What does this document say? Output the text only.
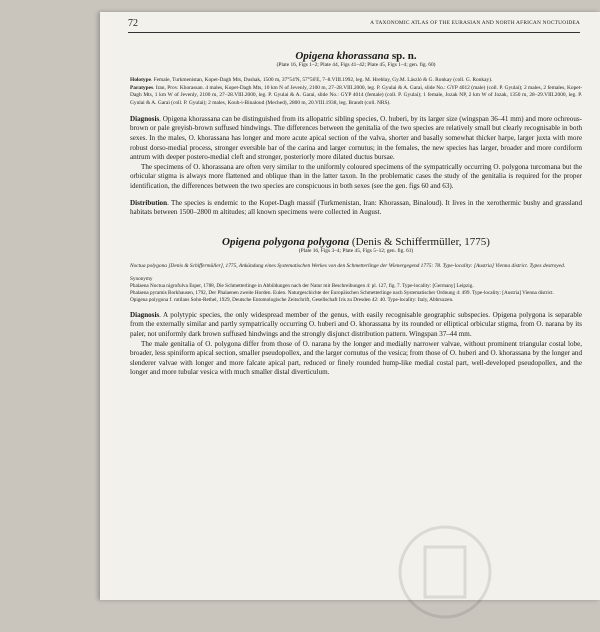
72	A TAXONOMIC ATLAS OF THE EURASIAN AND NORTH AFRICAN NOCTUOIDEA
Opigena khorassana sp. n.
(Plate 16, Figs 1–2; Plate 44, Figs 41–42; Plate 45, Figs 1–4; gen. fig. 60)
Holotype. Female, Turkmenistan, Kopet-Dagh Mts, Dushak, 1500 m, 37°54'N, 57°56'E, 7–8.VIII.1992, leg. M. Hreblay, Gy.M. László & G. Ronkay (coll. G. Ronkay).
Paratypes. Iran, Prov. Khorassan. 4 males, Kopet-Dagh Mts, 10 km N of Jevenly, 2100 m, 27–28.VIII.2000, leg. P. Gyulai & A. Garai, slide No.: GYP 4012 (male) (coll. P. Gyulai); 2 males, 2 females, Kopet-Dagh Mts, 1 km W of Jevenly, 2100 m, 27–28.VIII.2000, leg. P. Gyulai & A. Garai, slide No.: GYP 4014 (female) (coll. P. Gyulai); 1 female, Jozak NP, 2 km W of Jozak, 1350 m, 28–29.VIII.2000, leg. P. Gyulai & A. Garai (coll. P. Gyulai); 2 males, Kouh-i-Binaloud (Meched), 2800 m, 20.VIII.1938, leg. Brandt (coll. NRS).
Diagnosis. Opigena khorassana can be distinguished from its allopatric sibling species, O. huberi, by its larger size (wingspan 36–41 mm) and more ochreous-brown or pale greyish-brown suffused hindwings. The differences between the genitalia of the two species are relatively small but clearly recognisable in both sexes. In the males, O. khorassana has longer and more acute apical section of the valva, shorter and basally somewhat thicker harpe, larger juxta with more robust dorso-medial process, stronger eversible bar of the carina and larger cornutus; in the females, the new species has larger, broader and more cordiform antrum with deeper postero-medial cleft and stronger, posteriorly more dilated ductus bursae.
The specimens of O. khorassana are often very similar to the uniformly coloured specimens of the sympatrically occurring O. polygona turcomana but the orbicular stigma is always more flattened and oblique than in the latter taxon. In the problematic cases the study of the genitalia is required for the proper identification, the differences between the two species are conspicuous in both sexes (see the gen. figs 60 and 63).
Distribution. The species is endemic to the Kopet-Dagh massif (Turkmenistan, Iran: Khorassan, Binaloud). It lives in the xerothermic bushy and grassland habitats between 1500–2800 m altitudes; all known specimens were collected in August.
Opigena polygona polygona (Denis & Schiffermüller, 1775)
(Plate 16, Figs 3–4; Plate 45, Figs 5–12; gen. fig. 61)
Noctua polygona [Denis & Schiffermüller], 1775, Ankündung eines Systematischen Werkes von den Schmetterlinge der Wienergegend 1775: 78. Type-locality: [Austria] Vienna district. Types destroyed.
Synonymy
Phalaena Noctua nigrofulva Esper, 1788, Die Schmetterlinge in Abbildungen nach der Natur mit Beschreibungen 4: pl. 127, fig. 7. Type-locality: [Germany] Leipzig.
Phalaena pyramis Borkhausen, 1792, Der Phalaenen zweite Horden. Eulen. Naturgeschichte der Europäischen Schmetterlinge nach Systematischer Ordnung 4: 499. Type-locality: [Austria] Vienna district.
Opigena polygona f. rutilans Sohn-Rethel, 1929, Deutsche Entomologische Zeitschrift, Gesellschaft Iris zu Dresden 42: 40. Type-locality: Italy, Abbruzzen.
Diagnosis. A polytypic species, the only widespread member of the genus, with easily recognisable geographic subspecies. Opigena polygona is separable from the externally similar and partly sympatrically occurring O. huberi and O. khorassana by its rounded or elliptical orbicular stigma, from O. narana by its paler, not uniformly dark brown suffused hindwings and the strongly disjunct distribution pattern. Wingspan 37–44 mm.
The male genitalia of O. polygona differ from those of O. narana by the longer and medially narrower valvae, without prominent triangular costal lobe, broader, less spiniform apical section, smaller pseudopollex, and the larger cornutus of the vesica; from those of O. huberi and O. khorassana by the longer and slenderer valvae with longer and more falcate apical part, reduced or finely rounded hump-like medial costal part, well-developed pseudopollex, and the longer and more tubular vesica with much smaller distal diverticulum.
